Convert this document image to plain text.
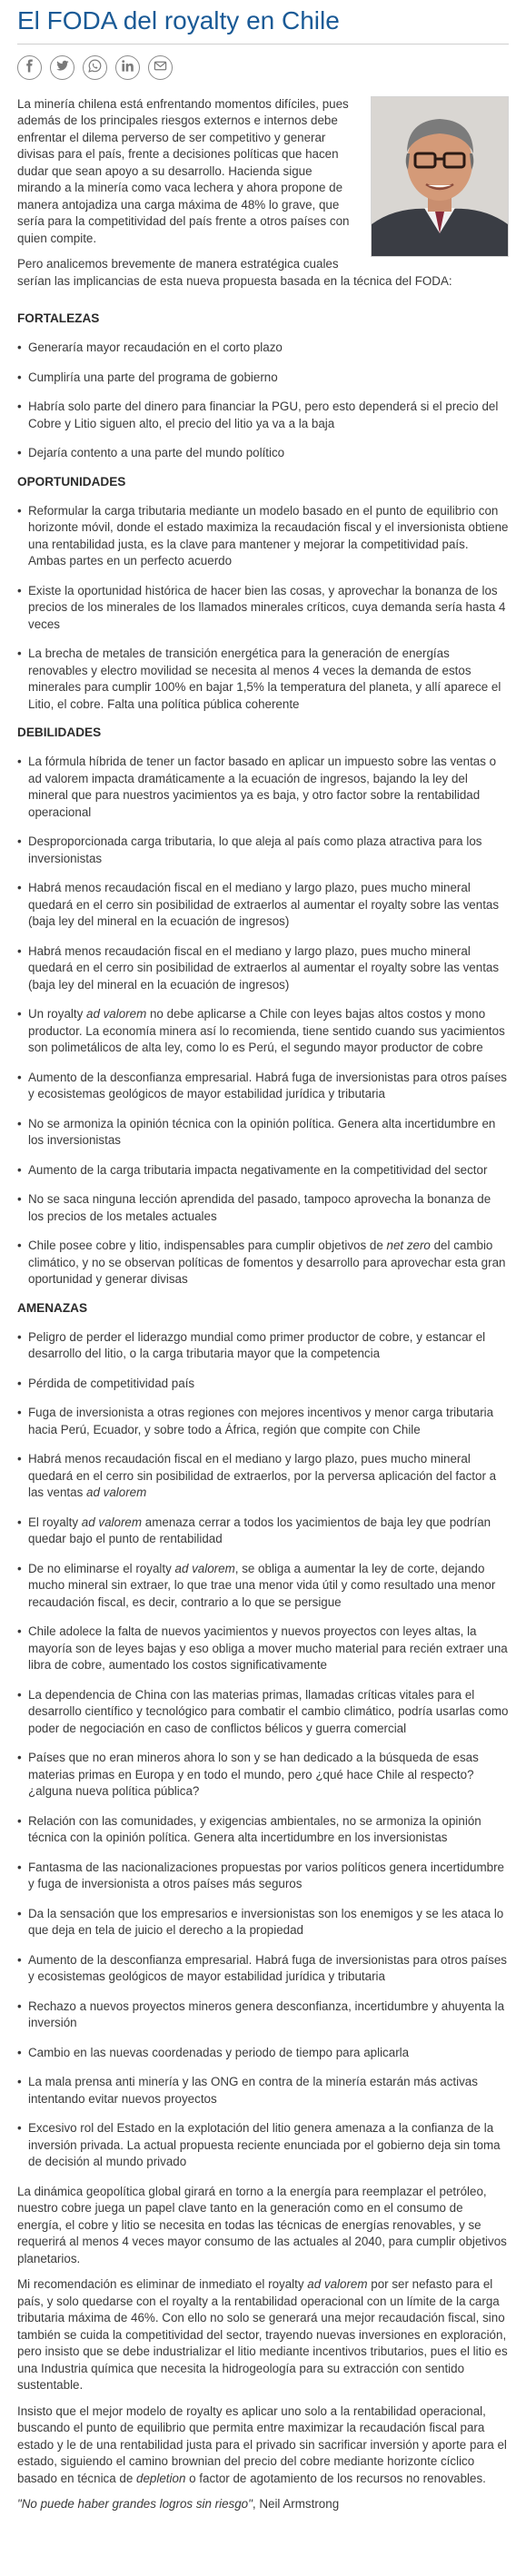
El FODA del royalty en Chile

La minería chilena está enfrentando momentos difíciles, pues además de los principales riesgos externos e internos debe enfrentar el dilema perverso de ser competitivo y generar divisas para el país, frente a decisiones políticas que hacen dudar que sean apoyo a su desarrollo. Hacienda sigue mirando a la minería como vaca lechera y ahora propone de manera antojadiza una carga máxima de 48% lo grave, que sería para la competitividad del país frente a otros países con quien compite.

Pero analicemos brevemente de manera estratégica cuales serían las implicancias de esta nueva propuesta basada en la técnica del FODA:

FORTALEZAS
• Generaría mayor recaudación en el corto plazo
• Cumpliría una parte del programa de gobierno
• Habría solo parte del dinero para financiar la PGU, pero esto dependerá si el precio del Cobre y Litio siguen alto, el precio del litio ya va a la baja
• Dejaría contento a una parte del mundo político
OPORTUNIDADES
• Reformular la carga tributaria mediante un modelo basado en el punto de equilibrio con horizonte móvil, donde el estado maximiza la recaudación fiscal y el inversionista obtiene una rentabilidad justa, es la clave para mantener y mejorar la competitividad país. Ambas partes en un perfecto acuerdo
• Existe la oportunidad histórica de hacer bien las cosas, y aprovechar la bonanza de los precios de los minerales de los llamados minerales críticos, cuya demanda sería hasta 4 veces
• La brecha de metales de transición energética para la generación de energías renovables y electro movilidad se necesita al menos 4 veces la demanda de estos minerales para cumplir 100% en bajar 1,5% la temperatura del planeta, y allí aparece el Litio, el cobre. Falta una política pública coherente
DEBILIDADES
• La fórmula híbrida de tener un factor basado en aplicar un impuesto sobre las ventas o ad valorem impacta dramáticamente a la ecuación de ingresos, bajando la ley del mineral que para nuestros yacimientos ya es baja, y otro factor sobre la rentabilidad operacional
• Desproporcionada carga tributaria, lo que aleja al país como plaza atractiva para los inversionistas
• Habrá menos recaudación fiscal en el mediano y largo plazo, pues mucho mineral quedará en el cerro sin posibilidad de extraerlos al aumentar el royalty sobre las ventas (baja ley del mineral en la ecuación de ingresos)
• Habrá menos recaudación fiscal en el mediano y largo plazo, pues mucho mineral quedará en el cerro sin posibilidad de extraerlos al aumentar el royalty sobre las ventas (baja ley del mineral en la ecuación de ingresos)
• Un royalty ad valorem no debe aplicarse a Chile con leyes bajas altos costos y mono productor. La economía minera así lo recomienda, tiene sentido cuando sus yacimientos son polimetálicos de alta ley, como lo es Perú, el segundo mayor productor de cobre
• Aumento de la desconfianza empresarial. Habrá fuga de inversionistas para otros países y ecosistemas geológicos de mayor estabilidad jurídica y tributaria
• No se armoniza la opinión técnica con la opinión política. Genera alta incertidumbre en los inversionistas
• Aumento de la carga tributaria impacta negativamente en la competitividad del sector
• No se saca ninguna lección aprendida del pasado, tampoco aprovecha la bonanza de los precios de los metales actuales
• Chile posee cobre y litio, indispensables para cumplir objetivos de net zero del cambio climático, y no se observan políticas de fomentos y desarrollo para aprovechar esta gran oportunidad y generar divisas
AMENAZAS
• Peligro de perder el liderazgo mundial como primer productor de cobre, y estancar el desarrollo del litio, o la carga tributaria mayor que la competencia
• Pérdida de competitividad país
• Fuga de inversionista a otras regiones con mejores incentivos y menor carga tributaria hacia Perú, Ecuador, y sobre todo a África, región que compite con Chile
• Habrá menos recaudación fiscal en el mediano y largo plazo, pues mucho mineral quedará en el cerro sin posibilidad de extraerlos, por la perversa aplicación del factor a las ventas ad valorem
• El royalty ad valorem amenaza cerrar a todos los yacimientos de baja ley que podrían quedar bajo el punto de rentabilidad
• De no eliminarse el royalty ad valorem, se obliga a aumentar la ley de corte, dejando mucho mineral sin extraer, lo que trae una menor vida útil y como resultado una menor recaudación fiscal, es decir, contrario a lo que se persigue
• Chile adolece la falta de nuevos yacimientos y nuevos proyectos con leyes altas, la mayoría son de leyes bajas y eso obliga a mover mucho material para recién extraer una libra de cobre, aumentado los costos significativamente
• La dependencia de China con las materias primas, llamadas críticas vitales para el desarrollo científico y tecnológico para combatir el cambio climático, podría usarlas como poder de negociación en caso de conflictos bélicos y guerra comercial
• Países que no eran mineros ahora lo son y se han dedicado a la búsqueda de esas materias primas en Europa y en todo el mundo, pero ¿qué hace Chile al respecto? ¿alguna nueva política pública?
• Relación con las comunidades, y exigencias ambientales, no se armoniza la opinión técnica con la opinión política. Genera alta incertidumbre en los inversionistas
• Fantasma de las nacionalizaciones propuestas por varios políticos genera incertidumbre y fuga de inversionista a otros países más seguros
• Da la sensación que los empresarios e inversionistas son los enemigos y se les ataca lo que deja en tela de juicio el derecho a la propiedad
• Aumento de la desconfianza empresarial. Habrá fuga de inversionistas para otros países y ecosistemas geológicos de mayor estabilidad jurídica y tributaria
• Rechazo a nuevos proyectos mineros genera desconfianza, incertidumbre y ahuyenta la inversión
• Cambio en las nuevas coordenadas y periodo de tiempo para aplicarla
• La mala prensa anti minería y las ONG en contra de la minería estarán más activas intentando evitar nuevos proyectos
• Excesivo rol del Estado en la explotación del litio genera amenaza a la confianza de la inversión privada. La actual propuesta reciente enunciada por el gobierno deja sin toma de decisión al mundo privado

La dinámica geopolítica global girará en torno a la energía para reemplazar el petróleo, nuestro cobre juega un papel clave tanto en la generación como en el consumo de energía, el cobre y litio se necesita en todas las técnicas de energías renovables, y se requerirá al menos 4 veces mayor consumo de las actuales al 2040, para cumplir objetivos planetarios.

Mi recomendación es eliminar de inmediato el royalty ad valorem por ser nefasto para el país, y solo quedarse con el royalty a la rentabilidad operacional con un límite de la carga tributaria máxima de 46%. Con ello no solo se generará una mejor recaudación fiscal, sino también se cuida la competitividad del sector, trayendo nuevas inversiones en exploración, pero insisto que se debe industrializar el litio mediante incentivos tributarios, pues el litio es una Industria química que necesita la hidrogeología para su extracción con sentido sustentable.

Insisto que el mejor modelo de royalty es aplicar uno solo a la rentabilidad operacional, buscando el punto de equilibrio que permita entre maximizar la recaudación fiscal para estado y le de una rentabilidad justa para el privado sin sacrificar inversión y aporte para el estado, siguiendo el camino brownian del precio del cobre mediante horizonte cíclico basado en técnica de depletion o factor de agotamiento de los recursos no renovables.

"No puede haber grandes logros sin riesgo", Neil Armstrong
